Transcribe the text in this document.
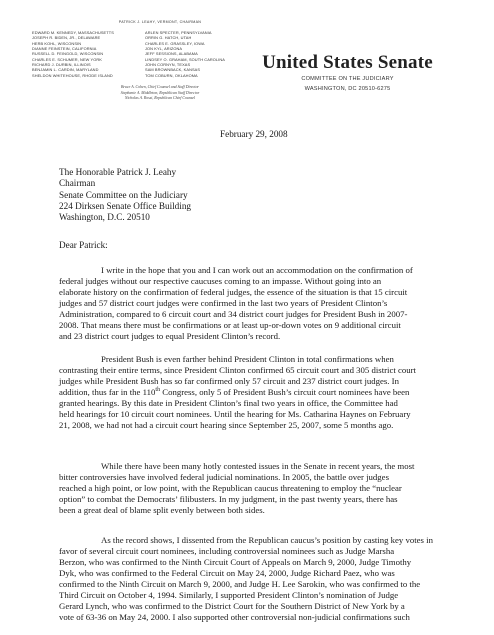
PATRICK J. LEAHY, VERMONT, CHAIRMAN
EDWARD M. KENNEDY, MASSACHUSETTS
JOSEPH R. BIDEN, JR., DELAWARE
HERB KOHL, WISCONSIN
DIANNE FEINSTEIN, CALIFORNIA
RUSSELL D. FEINGOLD, WISCONSIN
CHARLES E. SCHUMER, NEW YORK
RICHARD J. DURBIN, ILLINOIS
BENJAMIN L. CARDIN, MARYLAND
SHELDON WHITEHOUSE, RHODE ISLAND
ARLEN SPECTER, PENNSYLVANIA
ORRIN G. HATCH, UTAH
CHARLES E. GRASSLEY, IOWA
JON KYL, ARIZONA
JEFF SESSIONS, ALABAMA
LINDSEY O. GRAHAM, SOUTH CAROLINA
JOHN CORNYN, TEXAS
SAM BROWNBACK, KANSAS
TOM COBURN, OKLAHOMA
Bruce A. Cohen, Chief Counsel and Staff Director
Stephanie A. Middleton, Republican Staff Director
Nicholas A. Rossi, Republican Chief Counsel
United States Senate
COMMITTEE ON THE JUDICIARY
WASHINGTON, DC 20510-6275
February 29, 2008
The Honorable Patrick J. Leahy
Chairman
Senate Committee on the Judiciary
224 Dirksen Senate Office Building
Washington, D.C. 20510
Dear Patrick:
I write in the hope that you and I can work out an accommodation on the confirmation of
federal judges without our respective caucuses coming to an impasse. Without going into an
elaborate history on the confirmation of federal judges, the essence of the situation is that 15 circuit
judges and 57 district court judges were confirmed in the last two years of President Clinton’s
Administration, compared to 6 circuit court and 34 district court judges for President Bush in 2007-
2008. That means there must be confirmations or at least up-or-down votes on 9 additional circuit
and 23 district court judges to equal President Clinton’s record.
President Bush is even farther behind President Clinton in total confirmations when
contrasting their entire terms, since President Clinton confirmed 65 circuit court and 305 district court
judges while President Bush has so far confirmed only 57 circuit and 237 district court judges. In
addition, thus far in the 110th Congress, only 5 of President Bush’s circuit court nominees have been
granted hearings. By this date in President Clinton’s final two years in office, the Committee had
held hearings for 10 circuit court nominees. Until the hearing for Ms. Catharina Haynes on February
21, 2008, we had not had a circuit court hearing since September 25, 2007, some 5 months ago.
While there have been many hotly contested issues in the Senate in recent years, the most
bitter controversies have involved federal judicial nominations. In 2005, the battle over judges
reached a high point, or low point, with the Republican caucus threatening to employ the “nuclear
option” to combat the Democrats’ filibusters. In my judgment, in the past twenty years, there has
been a great deal of blame split evenly between both sides.
As the record shows, I dissented from the Republican caucus’s position by casting key votes in
favor of several circuit court nominees, including controversial nominees such as Judge Marsha
Berzon, who was confirmed to the Ninth Circuit Court of Appeals on March 9, 2000, Judge Timothy
Dyk, who was confirmed to the Federal Circuit on May 24, 2000, Judge Richard Paez, who was
confirmed to the Ninth Circuit on March 9, 2000, and Judge H. Lee Sarokin, who was confirmed to the
Third Circuit on October 4, 1994. Similarly, I supported President Clinton’s nomination of Judge
Gerard Lynch, who was confirmed to the District Court for the Southern District of New York by a
vote of 63-36 on May 24, 2000. I also supported other controversial non-judicial confirmations such
